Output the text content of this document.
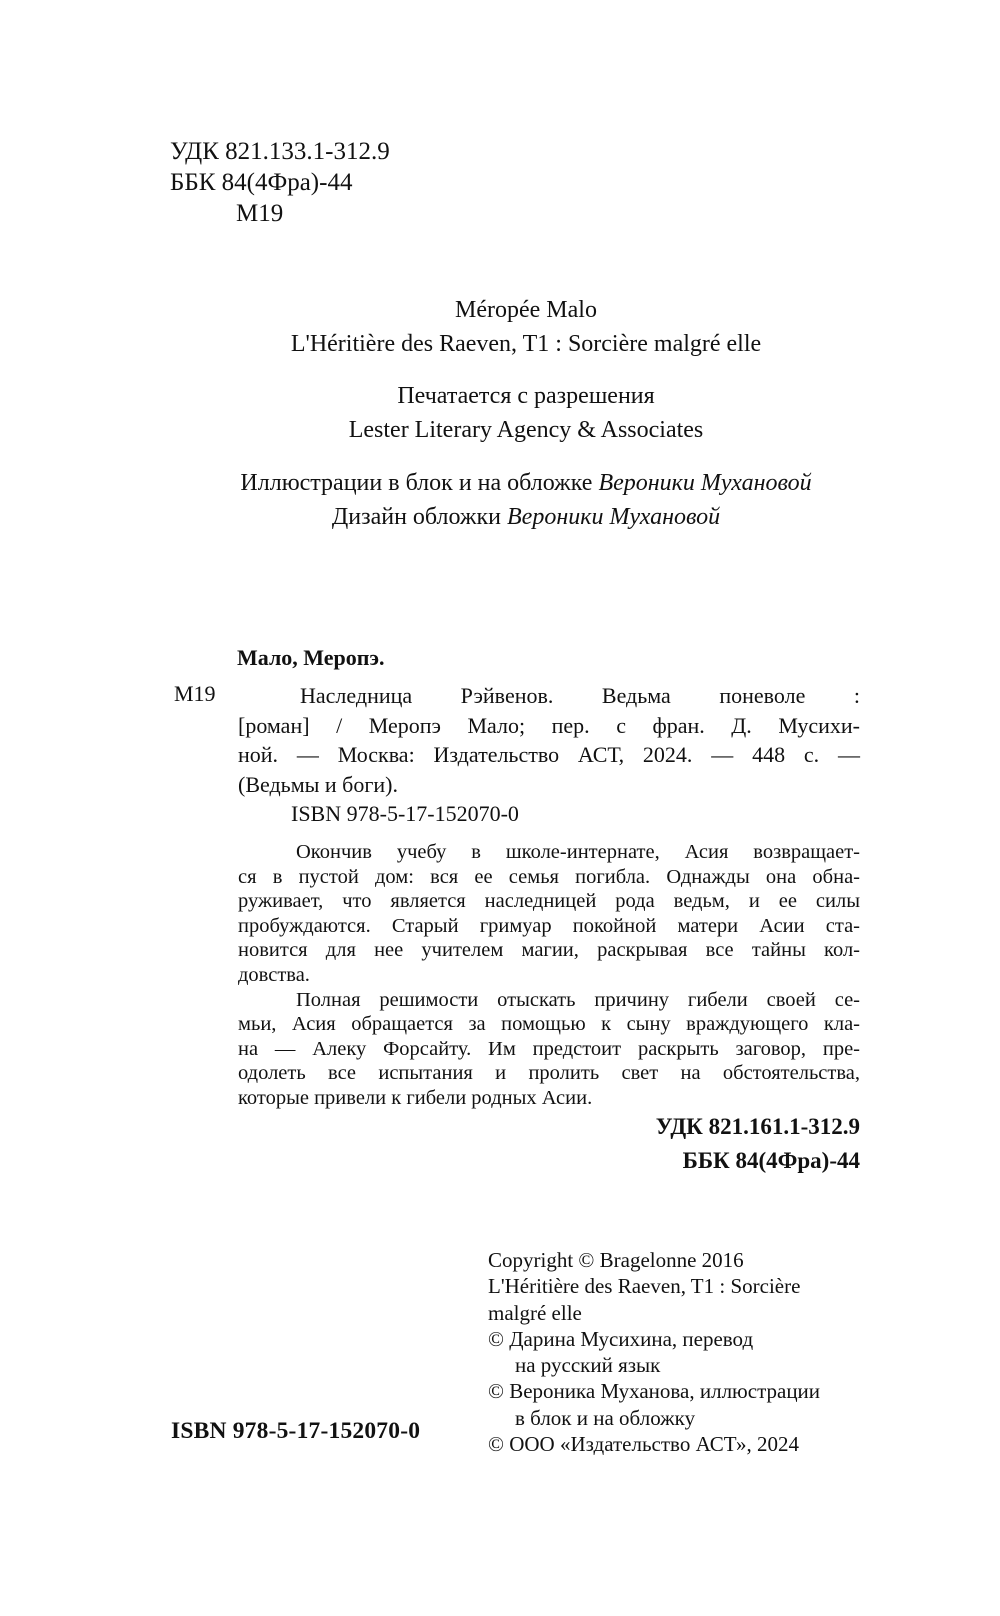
УДК 821.133.1-312.9
ББК 84(4Фра)-44
М19
Méropée Malo
L'Héritière des Raeven, T1 : Sorcière malgré elle
Печатается с разрешения
Lester Literary Agency & Associates
Иллюстрации в блок и на обложке Вероники Мухановой
Дизайн обложки Вероники Мухановой
Мало, Меропэ.
М19	Наследница Рэйвенов. Ведьма поневоле :
[роман] / Меропэ Мало; пер. с фран. Д. Мусихи-
ной. — Москва: Издательство АСТ, 2024. — 448 с. —
(Ведьмы и боги).
ISBN 978-5-17-152070-0
Окончив учебу в школе-интернате, Асия возвращает-
ся в пустой дом: вся ее семья погибла. Однажды она обна-
руживает, что является наследницей рода ведьм, и ее силы
пробуждаются. Старый гримуар покойной матери Асии ста-
новится для нее учителем магии, раскрывая все тайны кол-
довства.
Полная решимости отыскать причину гибели своей се-
мьи, Асия обращается за помощью к сыну враждующего кла-
на — Алеку Форсайту. Им предстоит раскрыть заговор, пре-
одолеть все испытания и пролить свет на обстоятельства,
которые привели к гибели родных Асии.
УДК 821.161.1-312.9
ББК 84(4Фра)-44
Copyright © Bragelonne 2016
L'Héritière des Raeven, T1 : Sorcière
malgré elle
© Дарина Мусихина, перевод
на русский язык
© Вероника Муханова, иллюстрации
в блок и на обложку
© ООО «Издательство АСТ», 2024
ISBN 978-5-17-152070-0
